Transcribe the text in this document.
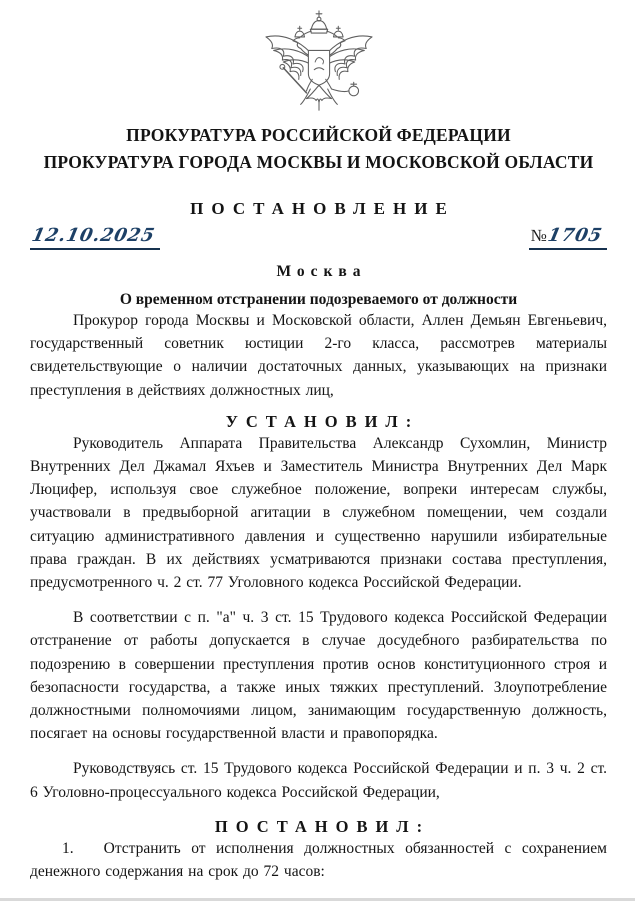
ПРОКУРАТУРА РОССИЙСКОЙ ФЕДЕРАЦИИ
ПРОКУРАТУРА ГОРОДА МОСКВЫ И МОСКОВСКОЙ ОБЛАСТИ
ПОСТАНОВЛЕНИЕ
12.10.2025	№1705
Москва
О временном отстранении подозреваемого от должности

Прокурор города Москвы и Московской области, Аллен Демьян Евгеньевич, государственный советник юстиции 2-го класса, рассмотрев материалы свидетельствующие о наличии достаточных данных, указывающих на признаки преступления в действиях должностных лиц,

УСТАНОВИЛ:

Руководитель Аппарата Правительства Александр Сухомлин, Министр Внутренних Дел Джамал Яхъев и Заместитель Министра Внутренних Дел Марк Люцифер, используя свое служебное положение, вопреки интересам службы, участвовали в предвыборной агитации в служебном помещении, чем создали ситуацию административного давления и существенно нарушили избирательные права граждан. В их действиях усматриваются признаки состава преступления, предусмотренного ч. 2 ст. 77 Уголовного кодекса Российской Федерации.

В соответствии с п. "а" ч. 3 ст. 15 Трудового кодекса Российской Федерации отстранение от работы допускается в случае досудебного разбирательства по подозрению в совершении преступления против основ конституционного строя и безопасности государства, а также иных тяжких преступлений. Злоупотребление должностными полномочиями лицом, занимающим государственную должность, посягает на основы государственной власти и правопорядка.

Руководствуясь ст. 15 Трудового кодекса Российской Федерации и п. 3 ч. 2 ст. 6 Уголовно-процессуального кодекса Российской Федерации,

ПОСТАНОВИЛ:

1. Отстранить от исполнения должностных обязанностей с сохранением денежного содержания на срок до 72 часов:
